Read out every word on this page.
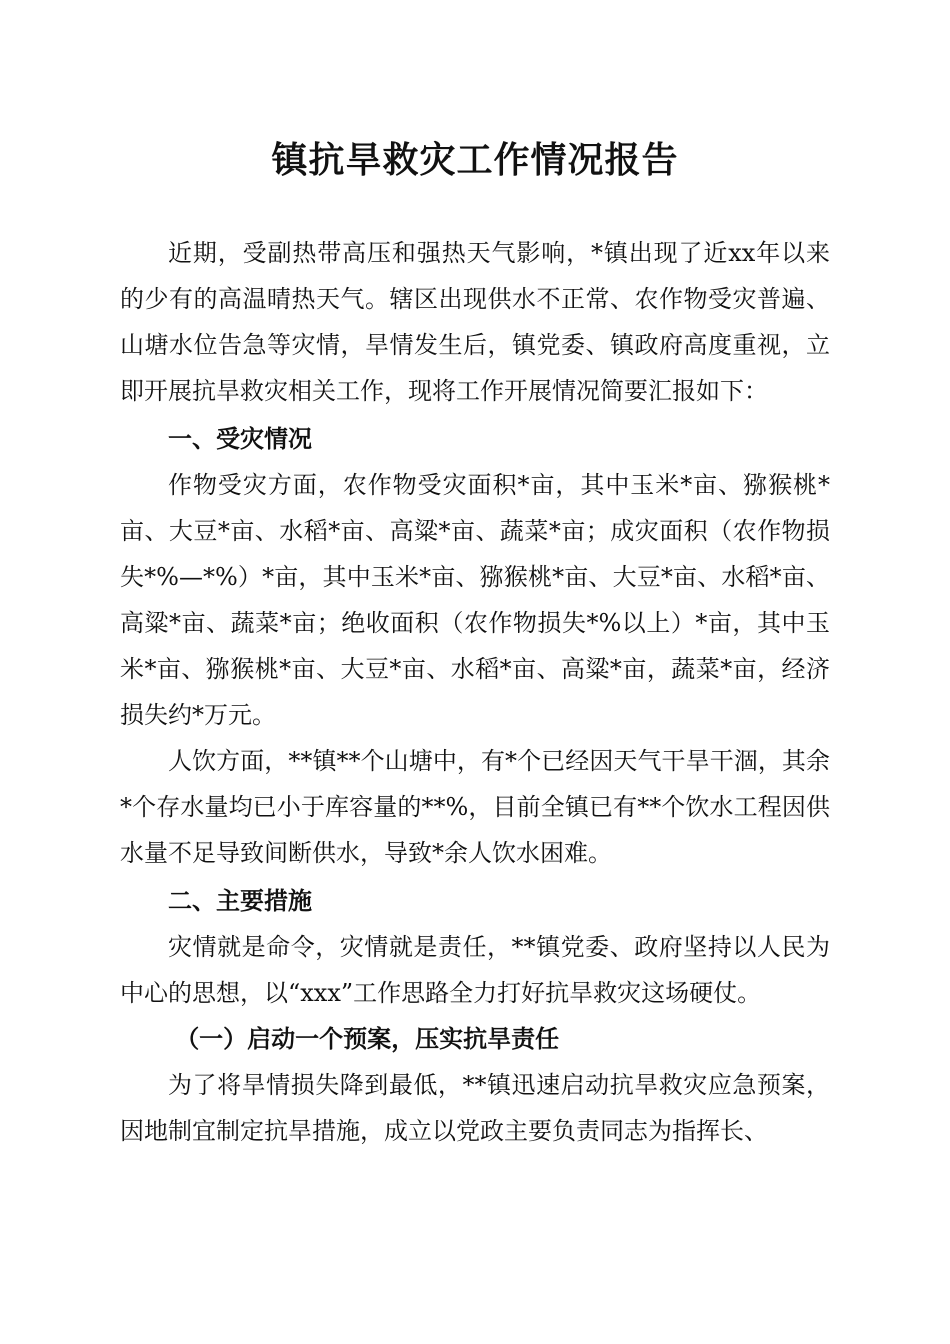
镇抗旱救灾工作情况报告

近期，受副热带高压和强热天气影响，*镇出现了近xx年以来的少有的高温晴热天气。辖区出现供水不正常、农作物受灾普遍、山塘水位告急等灾情，旱情发生后，镇党委、镇政府高度重视，立即开展抗旱救灾相关工作，现将工作开展情况简要汇报如下：

一、受灾情况

作物受灾方面，农作物受灾面积*亩，其中玉米*亩、猕猴桃*亩、大豆*亩、水稻*亩、高粱*亩、蔬菜*亩；成灾面积（农作物损失*%—*%）*亩，其中玉米*亩、猕猴桃*亩、大豆*亩、水稻*亩、高粱*亩、蔬菜*亩；绝收面积（农作物损失*%以上）*亩，其中玉米*亩、猕猴桃*亩、大豆*亩、水稻*亩、高粱*亩，蔬菜*亩，经济损失约*万元。

人饮方面，**镇**个山塘中，有*个已经因天气干旱干涸，其余*个存水量均已小于库容量的**%，目前全镇已有**个饮水工程因供水量不足导致间断供水，导致*余人饮水困难。

二、主要措施

灾情就是命令，灾情就是责任，**镇党委、政府坚持以人民为中心的思想，以“xxx”工作思路全力打好抗旱救灾这场硬仗。

（一）启动一个预案，压实抗旱责任

为了将旱情损失降到最低，**镇迅速启动抗旱救灾应急预案，因地制宜制定抗旱措施，成立以党政主要负责同志为指挥长、
